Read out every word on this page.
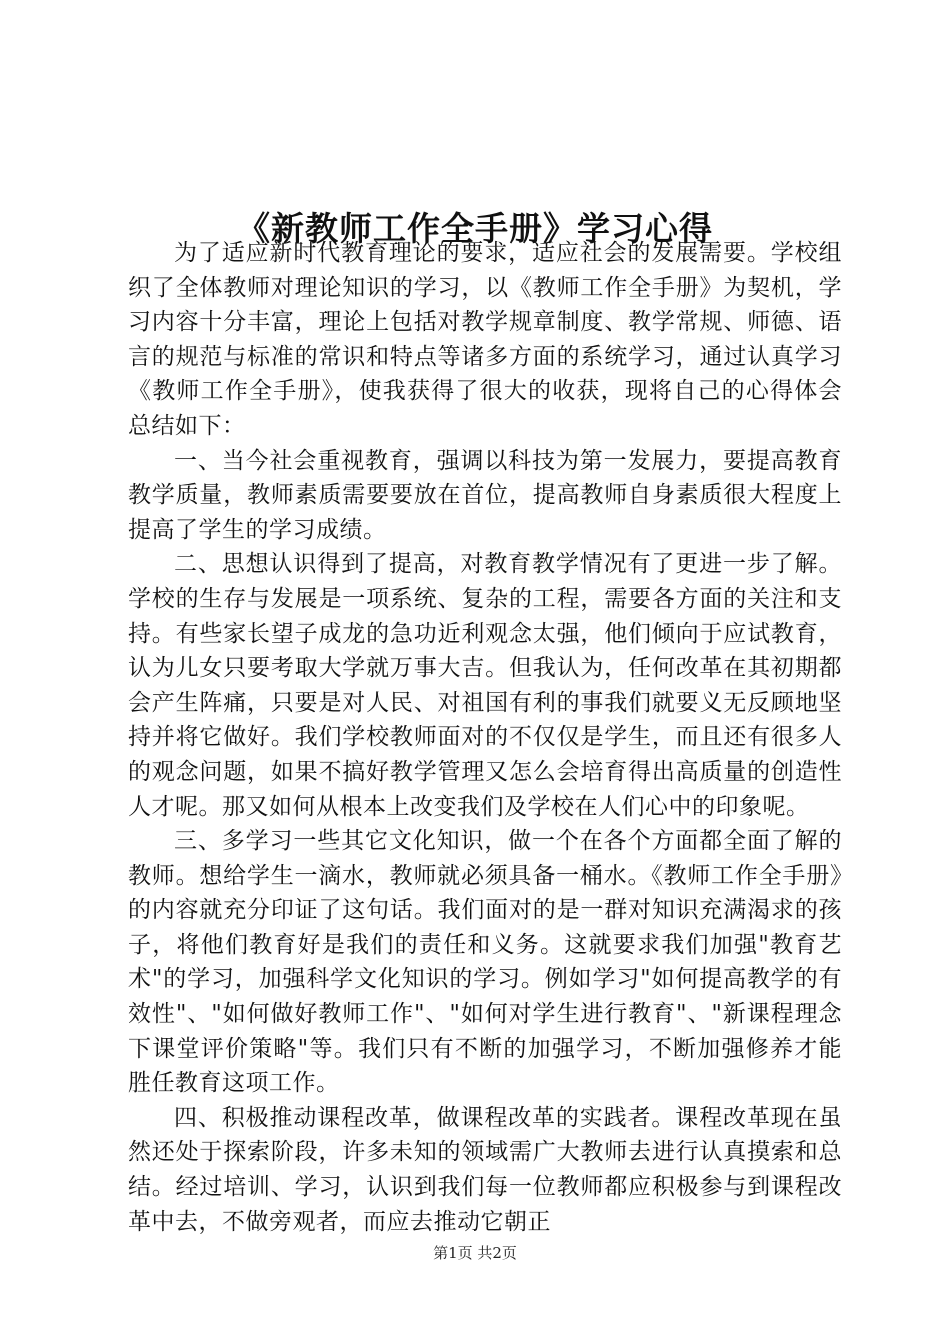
《新教师工作全手册》学习心得

为了适应新时代教育理论的要求，适应社会的发展需要。学校组织了全体教师对理论知识的学习，以《教师工作全手册》为契机，学习内容十分丰富，理论上包括对教学规章制度、教学常规、师德、语言的规范与标准的常识和特点等诸多方面的系统学习，通过认真学习《教师工作全手册》，使我获得了很大的收获，现将自己的心得体会总结如下：

一、当今社会重视教育，强调以科技为第一发展力，要提高教育教学质量，教师素质需要要放在首位，提高教师自身素质很大程度上提高了学生的学习成绩。

二、思想认识得到了提高，对教育教学情况有了更进一步了解。学校的生存与发展是一项系统、复杂的工程，需要各方面的关注和支持。有些家长望子成龙的急功近利观念太强，他们倾向于应试教育，认为儿女只要考取大学就万事大吉。但我认为，任何改革在其初期都会产生阵痛，只要是对人民、对祖国有利的事我们就要义无反顾地坚持并将它做好。我们学校教师面对的不仅仅是学生，而且还有很多人的观念问题，如果不搞好教学管理又怎么会培育得出高质量的创造性人才呢。那又如何从根本上改变我们及学校在人们心中的印象呢。

三、多学习一些其它文化知识，做一个在各个方面都全面了解的教师。想给学生一滴水，教师就必须具备一桶水。《教师工作全手册》的内容就充分印证了这句话。我们面对的是一群对知识充满渴求的孩子，将他们教育好是我们的责任和义务。这就要求我们加强"教育艺术"的学习，加强科学文化知识的学习。例如学习"如何提高教学的有效性"、"如何做好教师工作"、"如何对学生进行教育"、"新课程理念下课堂评价策略"等。我们只有不断的加强学习，不断加强修养才能胜任教育这项工作。

四、积极推动课程改革，做课程改革的实践者。课程改革现在虽然还处于探索阶段，许多未知的领域需广大教师去进行认真摸索和总结。经过培训、学习，认识到我们每一位教师都应积极参与到课程改革中去，不做旁观者，而应去推动它朝正

第1页 共2页
